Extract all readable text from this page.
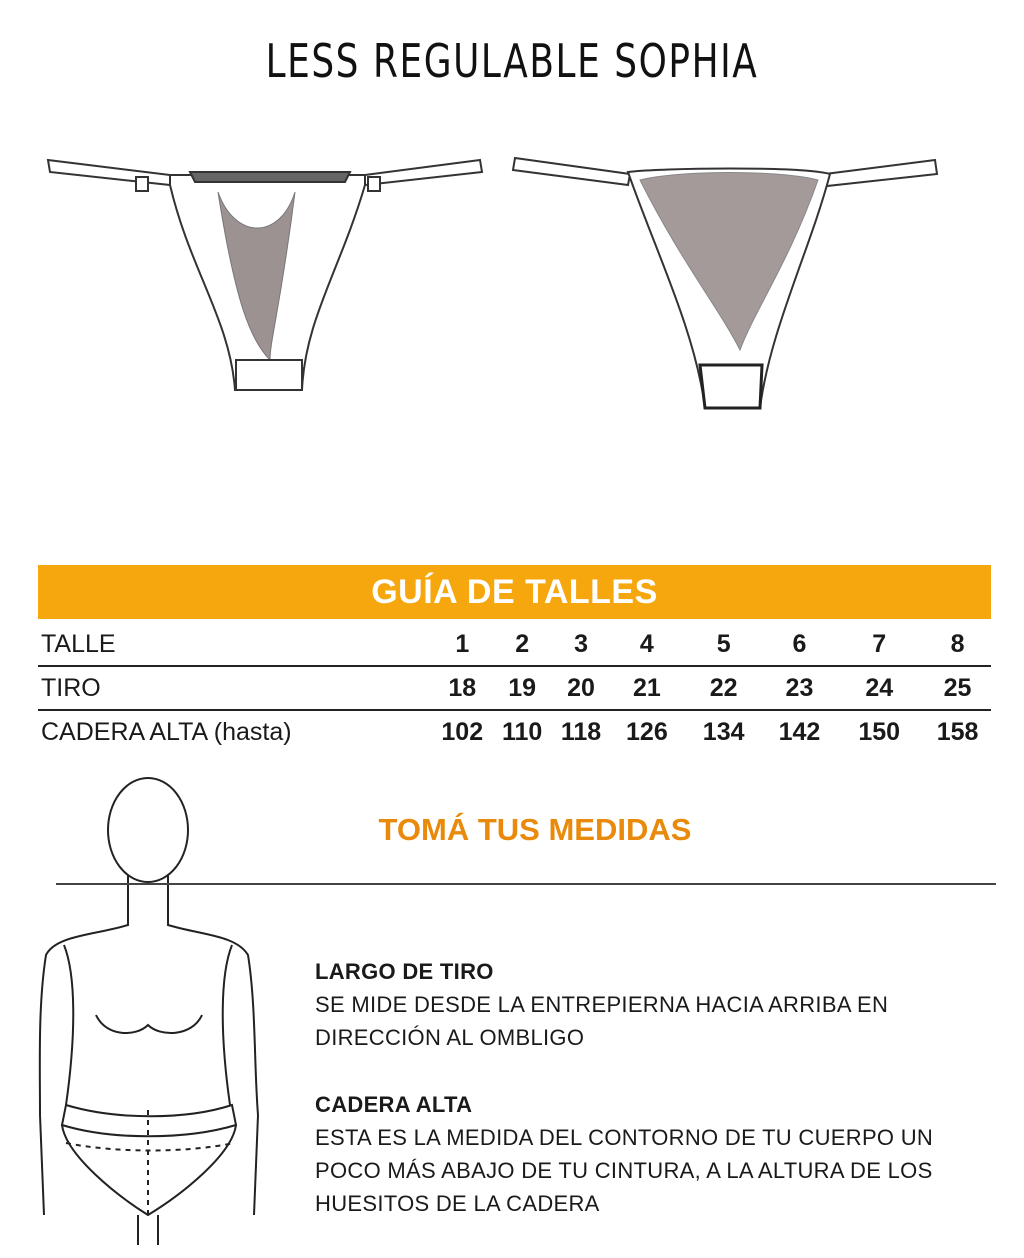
LESS REGULABLE SOPHIA
GUÍA DE TALLES
TALLE	1	2	3	4	5	6	7	8
TIRO	18	19	20	21	22	23	24	25
CADERA ALTA (hasta)	102	110	118	126	134	142	150	158
TOMÁ TUS MEDIDAS
LARGO DE TIRO
SE MIDE DESDE LA ENTREPIERNA HACIA ARRIBA EN DIRECCIÓN AL OMBLIGO
CADERA ALTA
ESTA ES LA MEDIDA DEL CONTORNO DE TU CUERPO UN POCO MÁS ABAJO DE TU CINTURA, A LA ALTURA DE LOS HUESITOS DE LA CADERA
